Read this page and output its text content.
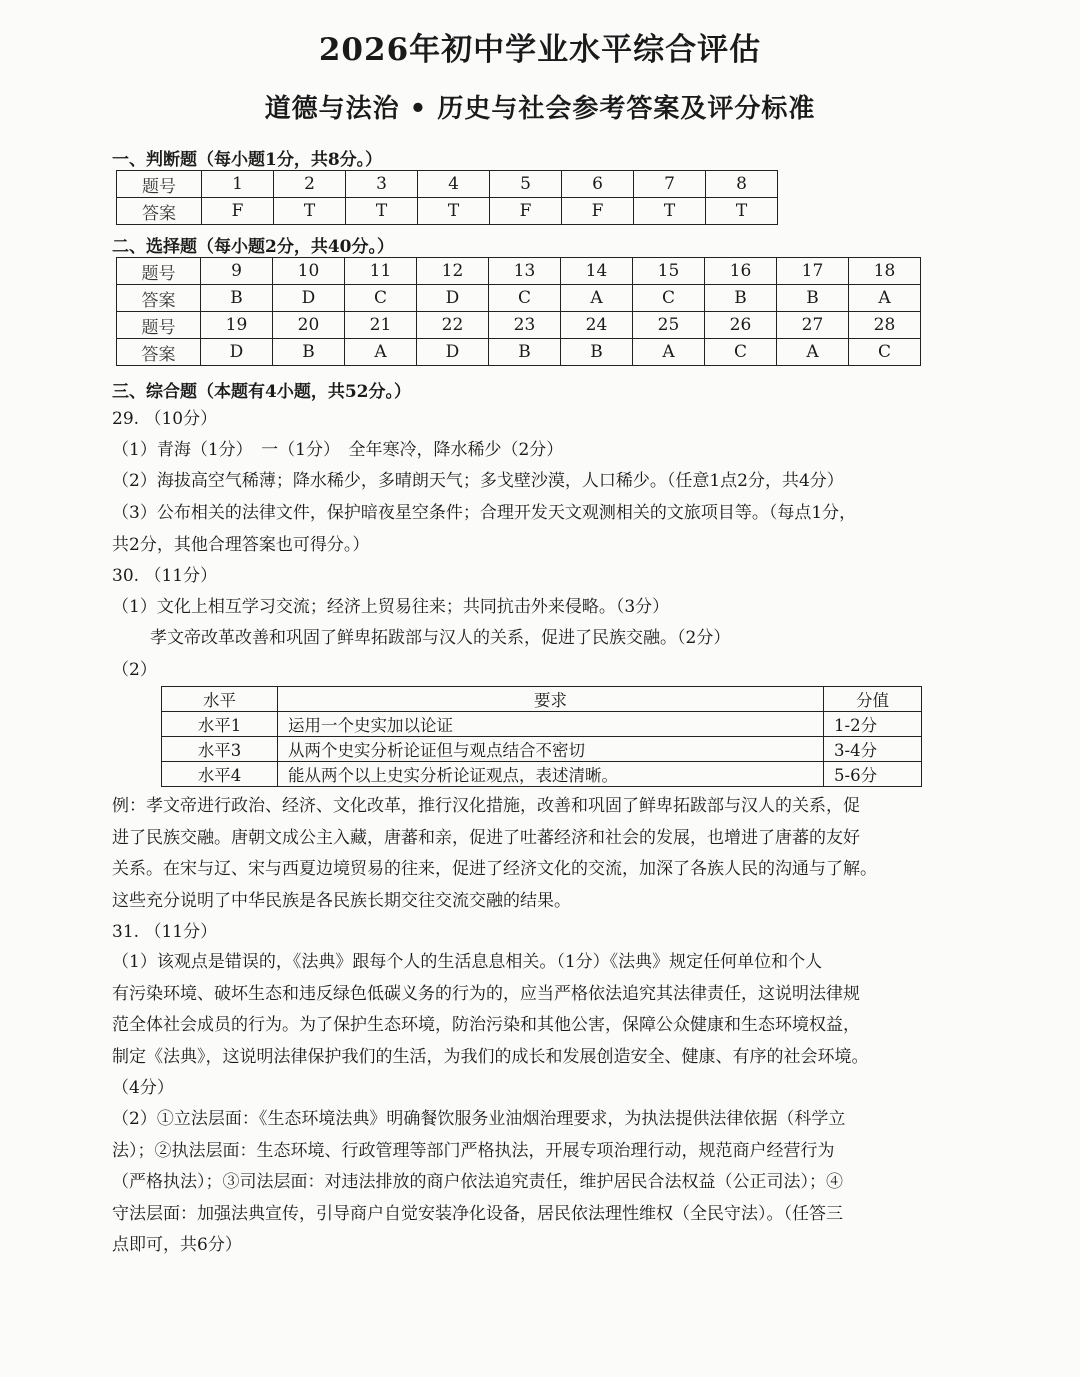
2026年初中学业水平综合评估
道德与法治 • 历史与社会参考答案及评分标准
一、判断题（每小题1分，共8分。）
题号	1	2	3	4	5	6	7	8
答案	F	T	T	T	F	F	T	T
二、选择题（每小题2分，共40分。）
题号	9	10	11	12	13	14	15	16	17	18
答案	B	D	C	D	C	A	C	B	B	A
题号	19	20	21	22	23	24	25	26	27	28
答案	D	B	A	D	B	B	A	C	A	C
三、综合题（本题有4小题，共52分。）
29. （10分）
（1）青海（1分）　一（1分）　全年寒冷，降水稀少（2分）
（2）海拔高空气稀薄；降水稀少，多晴朗天气；多戈壁沙漠，人口稀少。（任意1点2分，共4分）
（3）公布相关的法律文件，保护暗夜星空条件；合理开发天文观测相关的文旅项目等。（每点1分，
共2分，其他合理答案也可得分。）
30. （11分）
（1）文化上相互学习交流；经济上贸易往来；共同抗击外来侵略。（3分）
孝文帝改革改善和巩固了鲜卑拓跋部与汉人的关系，促进了民族交融。（2分）
（2）
水平	要求	分值
水平1	运用一个史实加以论证	1-2分
水平3	从两个史实分析论证但与观点结合不密切	3-4分
水平4	能从两个以上史实分析论证观点，表述清晰。	5-6分
例：孝文帝进行政治、经济、文化改革，推行汉化措施，改善和巩固了鲜卑拓跋部与汉人的关系，促
进了民族交融。唐朝文成公主入藏，唐蕃和亲，促进了吐蕃经济和社会的发展，也增进了唐蕃的友好
关系。在宋与辽、宋与西夏边境贸易的往来，促进了经济文化的交流，加深了各族人民的沟通与了解。
这些充分说明了中华民族是各民族长期交往交流交融的结果。
31. （11分）
（1）该观点是错误的，《法典》跟每个人的生活息息相关。（1分）《法典》规定任何单位和个人
有污染环境、破坏生态和违反绿色低碳义务的行为的，应当严格依法追究其法律责任，这说明法律规
范全体社会成员的行为。为了保护生态环境，防治污染和其他公害，保障公众健康和生态环境权益，
制定《法典》，这说明法律保护我们的生活，为我们的成长和发展创造安全、健康、有序的社会环境。
（4分）
（2）①立法层面：《生态环境法典》明确餐饮服务业油烟治理要求，为执法提供法律依据（科学立
法）；②执法层面：生态环境、行政管理等部门严格执法，开展专项治理行动，规范商户经营行为
（严格执法）；③司法层面：对违法排放的商户依法追究责任，维护居民合法权益（公正司法）；④
守法层面：加强法典宣传，引导商户自觉安装净化设备，居民依法理性维权（全民守法）。（任答三
点即可，共6分）
